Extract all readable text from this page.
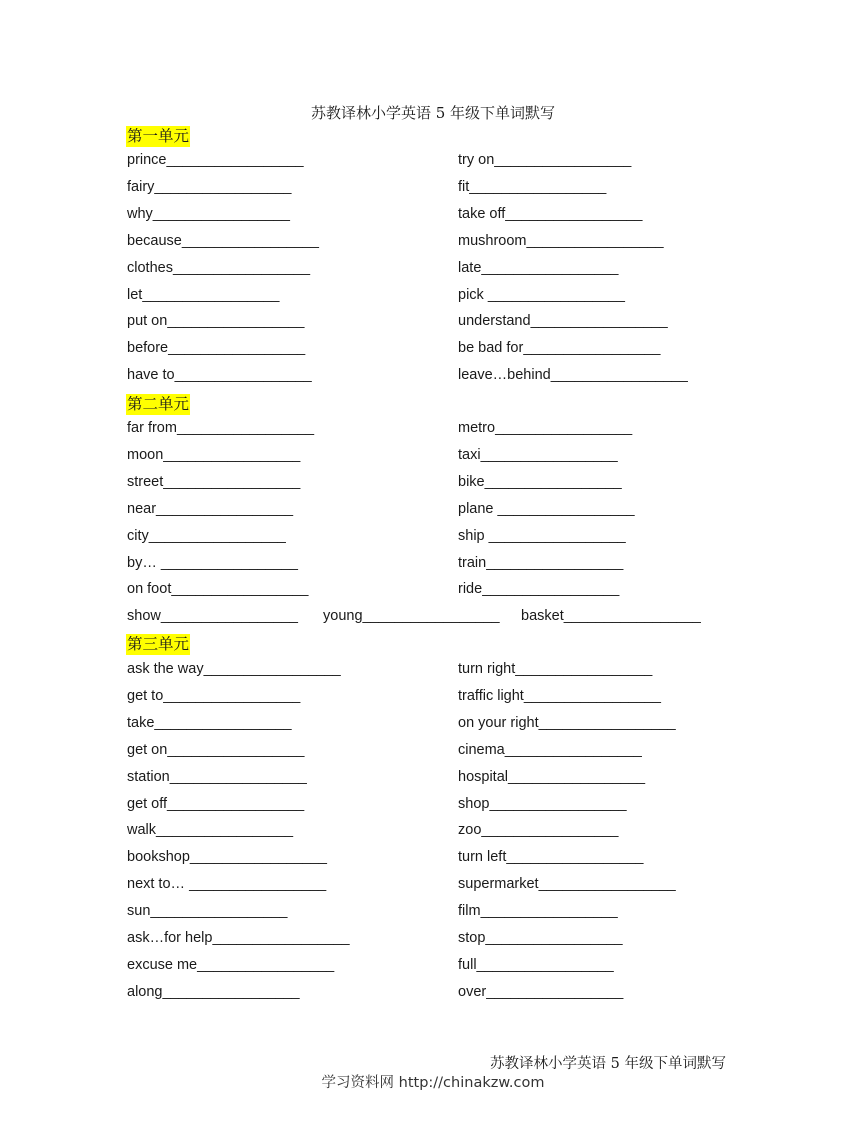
苏教译林小学英语 5 年级下单词默写
第一单元
prince_________________
fairy_________________
why_________________
because_________________
clothes_________________
let_________________
put on_________________
before_________________
have to_________________
try on_________________
fit_________________
take off_________________
mushroom_________________
late_________________
pick _________________
understand_________________
be bad for_________________
leave…behind_________________
第二单元
far from_________________
moon_________________
street_________________
near_________________
city_________________
by… _________________
on foot_________________
metro_________________
taxi_________________
bike_________________
plane _________________
ship _________________
train_________________
ride_________________
show_________________ young_________________ basket_________________
第三单元
ask the way_________________
get to_________________
take_________________
get on_________________
station_________________
get off_________________
walk_________________
bookshop_________________
next to… _________________
sun_________________
ask…for help_________________
excuse me_________________
along_________________
turn right_________________
traffic light_________________
on your right_________________
cinema_________________
hospital_________________
shop_________________
zoo_________________
turn left_________________
supermarket_________________
film_________________
stop_________________
full_________________
over_________________
苏教译林小学英语 5 年级下单词默写
学习资料网 http://chinakzw.com
